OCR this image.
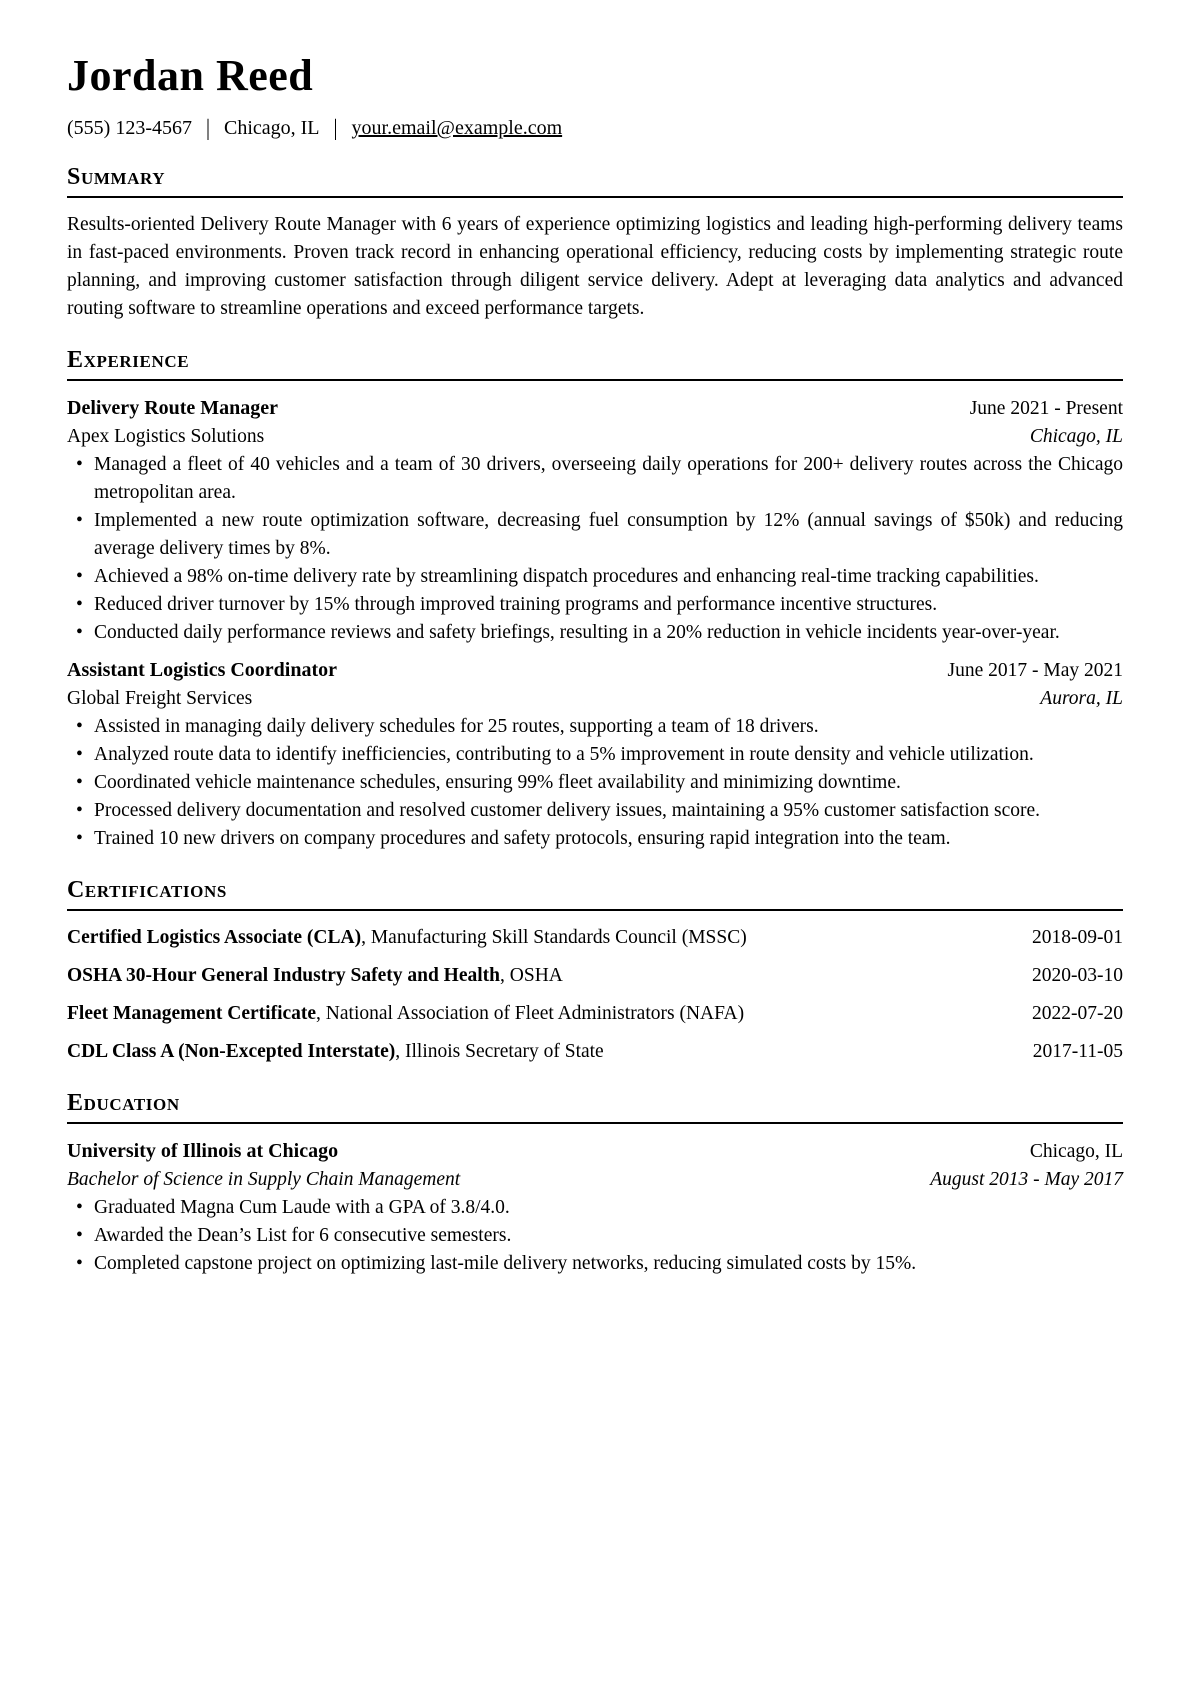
Jordan Reed
(555) 123-4567 | Chicago, IL | your.email@example.com
Summary

Results-oriented Delivery Route Manager with 6 years of experience optimizing logistics and leading high-performing delivery teams in fast-paced environments. Proven track record in enhancing operational efficiency, reducing costs by implementing strategic route planning, and improving customer satisfaction through diligent service delivery. Adept at leveraging data analytics and advanced routing software to streamline operations and exceed performance targets.

Experience
Delivery Route Manager	June 2021 - Present
Apex Logistics Solutions	Chicago, IL
• Managed a fleet of 40 vehicles and a team of 30 drivers, overseeing daily operations for 200+ delivery routes across the Chicago metropolitan area.
• Implemented a new route optimization software, decreasing fuel consumption by 12% (annual savings of $50k) and reducing average delivery times by 8%.
• Achieved a 98% on-time delivery rate by streamlining dispatch procedures and enhancing real-time tracking capabilities.
• Reduced driver turnover by 15% through improved training programs and performance incentive structures.
• Conducted daily performance reviews and safety briefings, resulting in a 20% reduction in vehicle incidents year-over-year.
Assistant Logistics Coordinator	June 2017 - May 2021
Global Freight Services	Aurora, IL
• Assisted in managing daily delivery schedules for 25 routes, supporting a team of 18 drivers.
• Analyzed route data to identify inefficiencies, contributing to a 5% improvement in route density and vehicle utilization.
• Coordinated vehicle maintenance schedules, ensuring 99% fleet availability and minimizing downtime.
• Processed delivery documentation and resolved customer delivery issues, maintaining a 95% customer satisfaction score.
• Trained 10 new drivers on company procedures and safety protocols, ensuring rapid integration into the team.
Certifications
Certified Logistics Associate (CLA), Manufacturing Skill Standards Council (MSSC)	2018-09-01
OSHA 30-Hour General Industry Safety and Health, OSHA	2020-03-10
Fleet Management Certificate, National Association of Fleet Administrators (NAFA)	2022-07-20
CDL Class A (Non-Excepted Interstate), Illinois Secretary of State	2017-11-05
Education
University of Illinois at Chicago	Chicago, IL
Bachelor of Science in Supply Chain Management	August 2013 - May 2017
• Graduated Magna Cum Laude with a GPA of 3.8/4.0.
• Awarded the Dean’s List for 6 consecutive semesters.
• Completed capstone project on optimizing last-mile delivery networks, reducing simulated costs by 15%.
